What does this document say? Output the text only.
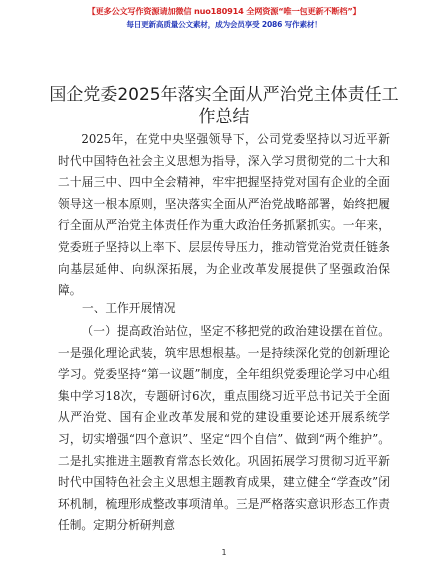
【更多公文写作资源请加微信 nuo180914 全网资源“唯一包更新不断档”】
每日更新高质量公文素材，成为会员享受 2086 写作素材！
国企党委2025年落实全面从严治党主体责任工作总结

2025年，在党中央坚强领导下，公司党委坚持以习近平新时代中国特色社会主义思想为指导，深入学习贯彻党的二十大和二十届三中、四中全会精神，牢牢把握坚持党对国有企业的全面领导这一根本原则，坚决落实全面从严治党战略部署，始终把履行全面从严治党主体责任作为重大政治任务抓紧抓实。一年来，党委班子坚持以上率下、层层传导压力，推动管党治党责任链条向基层延伸、向纵深拓展，为企业改革发展提供了坚强政治保障。

一、工作开展情况

（一）提高政治站位，坚定不移把党的政治建设摆在首位。一是强化理论武装，筑牢思想根基。一是持续深化党的创新理论学习。党委坚持“第一议题”制度，全年组织党委理论学习中心组集中学习18次，专题研讨6次，重点围绕习近平总书记关于全面从严治党、国有企业改革发展和党的建设重要论述开展系统学习，切实增强“四个意识”、坚定“四个自信”、做到“两个维护”。二是扎实推进主题教育常态长效化。巩固拓展学习贯彻习近平新时代中国特色社会主义思想主题教育成果，建立健全“学查改”闭环机制，梳理形成整改事项清单。三是严格落实意识形态工作责任制。定期分析研判意

1
